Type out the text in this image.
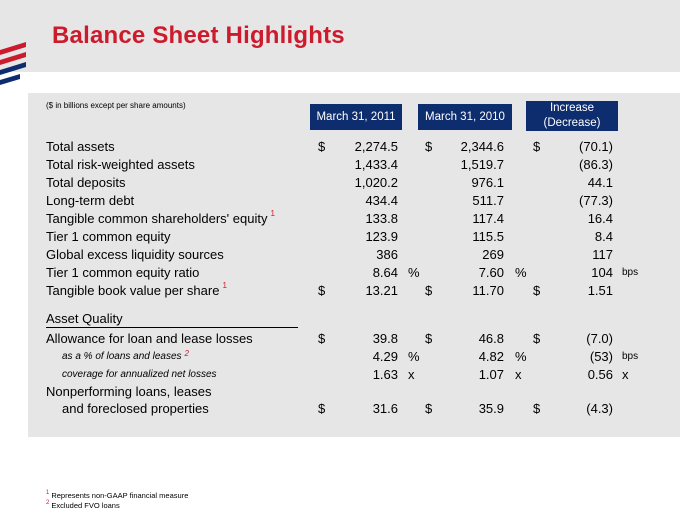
Balance Sheet Highlights
($ in billions except per share amounts)
March 31, 2011	March 31, 2010
Increase
(Decrease)
Total assets	$ 2,274.5 $ 2,344.6 $	(70.1)
Total risk-weighted assets	1,433.4	1,519.7	(86.3)
Total deposits	1,020.2	976.1	44.1
Long-term debt	434.4	511.7	(77.3)
Tangible common shareholders' equity $^1$	133.8	117.4	16.4
Tier 1 common equity	123.9	115.5	8.4
Global excess liquidity sources	386	269	117
Tier 1 common equity ratio	8.64 %	7.60 %	104 bps
Tangible book value per share $^1$	$	13.21 $	11.70 $	1.51
Asset Quality
Allowance for loan and lease losses	$	39.8 $	46.8 $	(7.0)
as a % of loans and leases $^2$	4.29 %	4.82 %	(53) bps
coverage for annualized net losses	1.63 x	1.07 x	0.56 x
Nonperforming loans, leases
and foreclosed properties	$	31.6 $	35.9 $	(4.3)
$^1$ Represents non-GAAP financial measure
$^2$ Excluded FVO loans
